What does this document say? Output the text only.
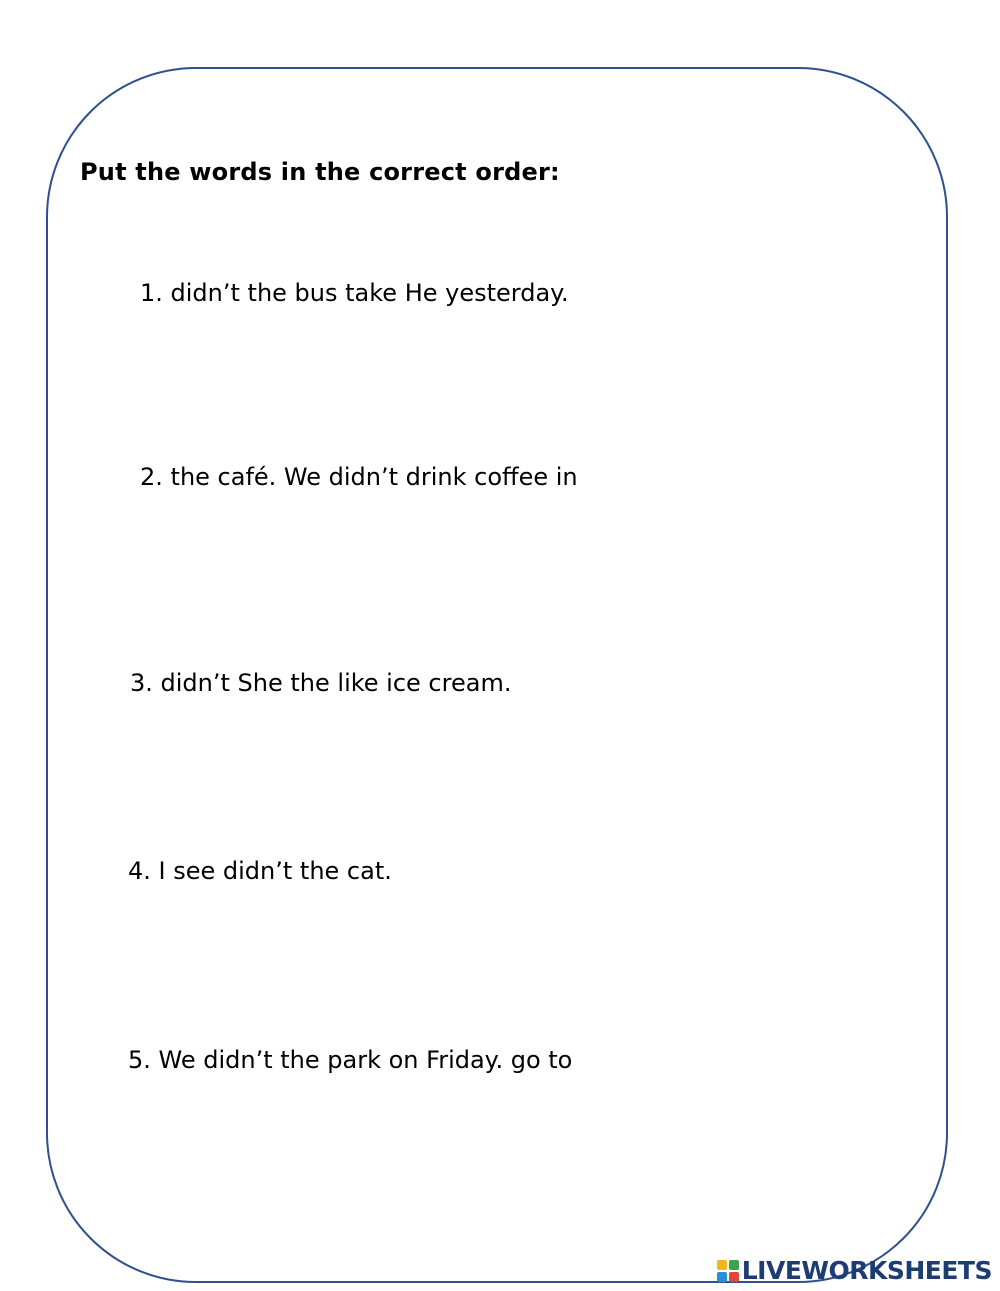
Put the words in the correct order:
1. didn’t the bus take He yesterday.
2. the café. We didn’t drink coffee in
3. didn’t She the like ice cream.
4. I see didn’t the cat.
5. We didn’t the park on Friday. go to
LIVEWORKSHEETS
